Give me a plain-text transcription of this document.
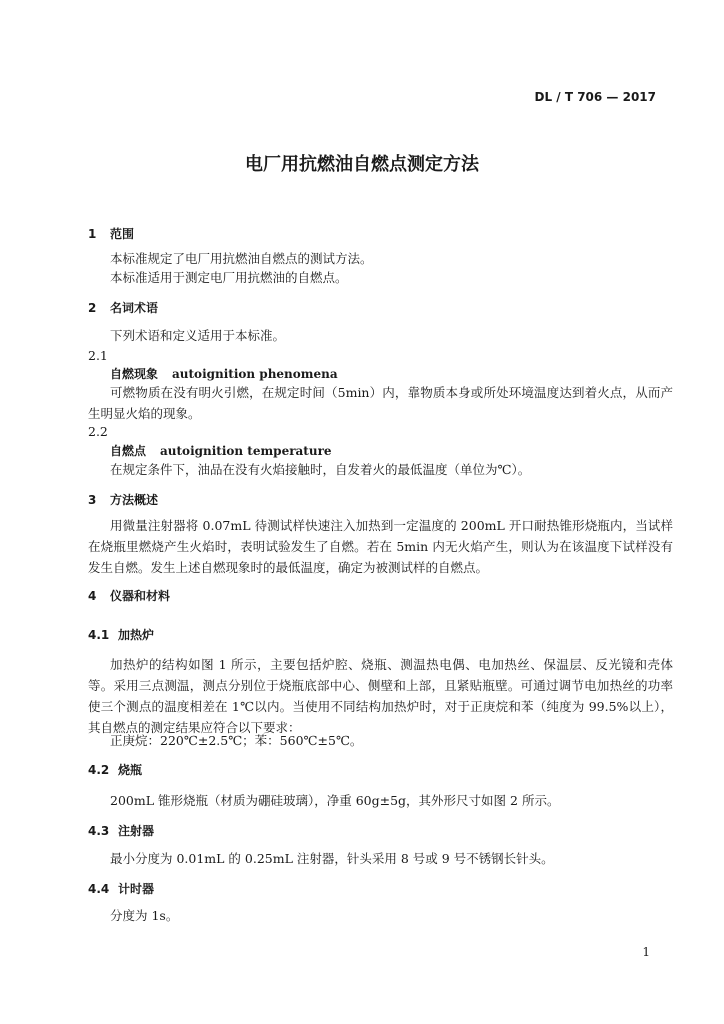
DL / T 706 — 2017
电厂用抗燃油自燃点测定方法
1 范围
本标准规定了电厂用抗燃油自燃点的测试方法。
本标准适用于测定电厂用抗燃油的自燃点。
2 名词术语
下列术语和定义适用于本标准。
2.1
自燃现象 autoignition phenomena
可燃物质在没有明火引燃，在规定时间（5min）内，靠物质本身或所处环境温度达到着火点，从而产生明显火焰的现象。
2.2
自燃点 autoignition temperature
在规定条件下，油品在没有火焰接触时，自发着火的最低温度（单位为℃）。
3 方法概述
用微量注射器将 0.07mL 待测试样快速注入加热到一定温度的 200mL 开口耐热锥形烧瓶内，当试样在烧瓶里燃烧产生火焰时，表明试验发生了自燃。若在 5min 内无火焰产生，则认为在该温度下试样没有发生自燃。发生上述自燃现象时的最低温度，确定为被测试样的自燃点。
4 仪器和材料
4.1 加热炉
加热炉的结构如图 1 所示，主要包括炉腔、烧瓶、测温热电偶、电加热丝、保温层、反光镜和壳体等。采用三点测温，测点分别位于烧瓶底部中心、侧壁和上部，且紧贴瓶壁。可通过调节电加热丝的功率使三个测点的温度相差在 1℃以内。当使用不同结构加热炉时，对于正庚烷和苯（纯度为 99.5%以上），其自燃点的测定结果应符合以下要求：
正庚烷：220℃±2.5℃；苯：560℃±5℃。
4.2 烧瓶
200mL 锥形烧瓶（材质为硼硅玻璃），净重 60g±5g，其外形尺寸如图 2 所示。
4.3 注射器
最小分度为 0.01mL 的 0.25mL 注射器，针头采用 8 号或 9 号不锈钢长针头。
4.4 计时器
分度为 1s。
1
